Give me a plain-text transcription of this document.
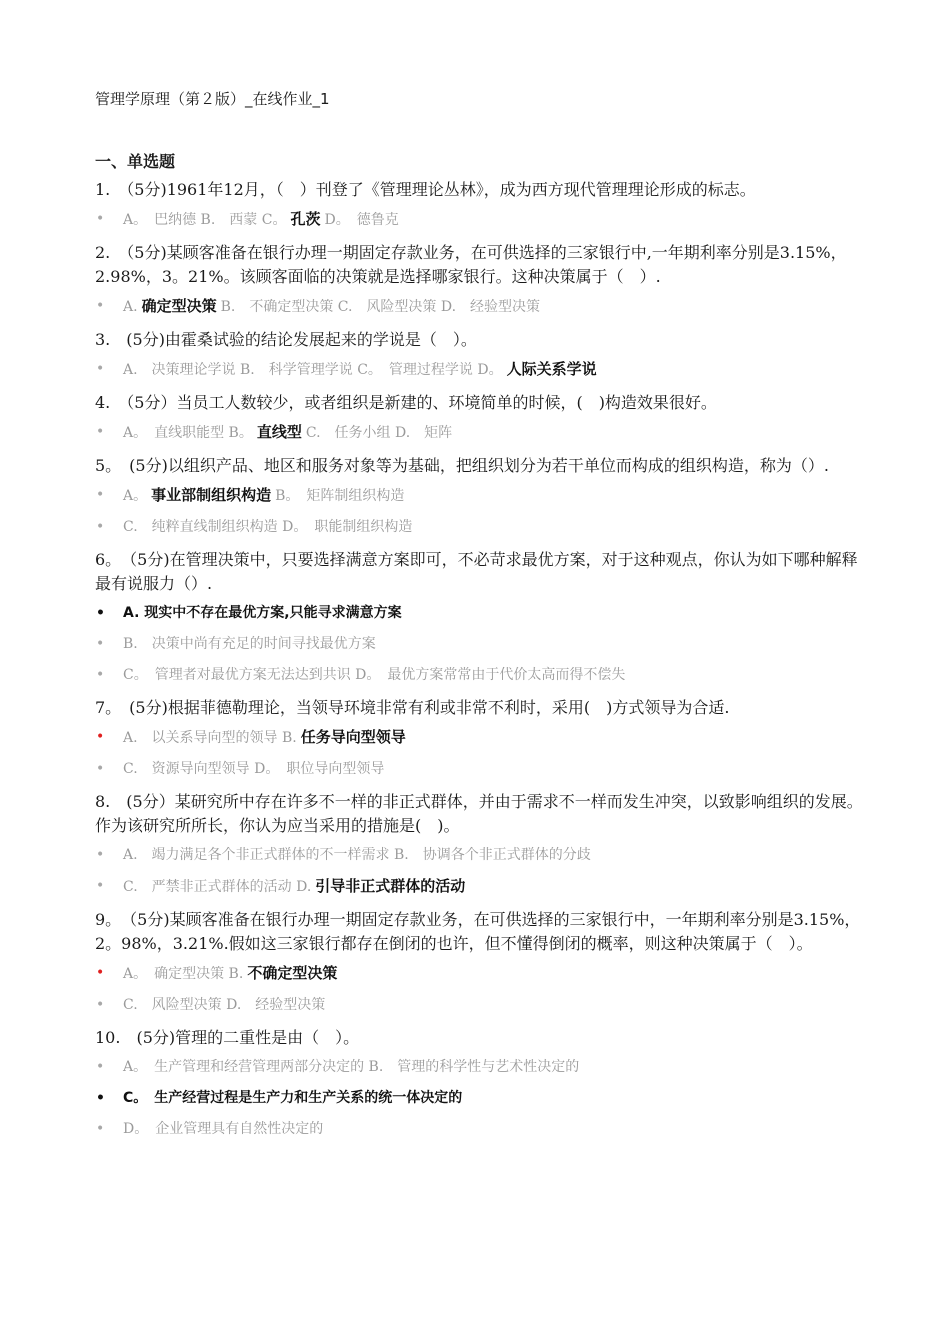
管理学原理（第２版）_在线作业_1
一、单选题
1.　（5分)1961年12月，（　）刊登了《管理理论丛林》，成为西方现代管理理论形成的标志。
• A。　巴纳德 B.　西蒙 C。 孔茨 D。　德鲁克
2.　（5分)某顾客准备在银行办理一期固定存款业务，在可供选择的三家银行中,一年期利率分别是3.15%，2.98%，3。21%。该顾客面临的决策就是选择哪家银行。这种决策属于（　）.
• A. 确定型决策 B.　不确定型决策 C.　风险型决策 D.　经验型决策
3.　(5分)由霍桑试验的结论发展起来的学说是（　）。
• A.　决策理论学说 B.　科学管理学说 C。　管理过程学说 D。 人际关系学说
4.　（5分）当员工人数较少，或者组织是新建的、环境简单的时候，(　)构造效果很好。
• A。　直线职能型 B。 直线型 C.　任务小组 D.　矩阵
5。　(5分)以组织产品、地区和服务对象等为基础，把组织划分为若干单位而构成的组织构造，称为（）.
• A。 事业部制组织构造 B。　矩阵制组织构造
• C.　纯粹直线制组织构造 D。　职能制组织构造
6。　（5分)在管理决策中，只要选择满意方案即可，不必苛求最优方案，对于这种观点，你认为如下哪种解释最有说服力（）.
• A. 现实中不存在最优方案,只能寻求满意方案
• B.　决策中尚有充足的时间寻找最优方案
• C。　管理者对最优方案无法达到共识 D。　最优方案常常由于代价太高而得不偿失
7。　(5分)根据菲德勒理论，当领导环境非常有利或非常不利时，采用(　)方式领导为合适.
• A.　以关系导向型的领导 B. 任务导向型领导
• C.　资源导向型领导 D。　职位导向型领导
8.　(5分）某研究所中存在许多不一样的非正式群体，并由于需求不一样而发生冲突，以致影响组织的发展。作为该研究所所长，你认为应当采用的措施是(　)。
• A.　竭力满足各个非正式群体的不一样需求 B.　协调各个非正式群体的分歧
• C.　严禁非正式群体的活动 D. 引导非正式群体的活动
9。　（5分)某顾客准备在银行办理一期固定存款业务，在可供选择的三家银行中，一年期利率分别是3.15%，2。98%，3.21%.假如这三家银行都存在倒闭的也许，但不懂得倒闭的概率，则这种决策属于（　）。
• A。　确定型决策 B. 不确定型决策
• C.　风险型决策 D.　经验型决策
10.　(5分)管理的二重性是由（　）。
• A。　生产管理和经营管理两部分决定的 B.　管理的科学性与艺术性决定的
• C。　生产经营过程是生产力和生产关系的统一体决定的
• D。　企业管理具有自然性决定的
